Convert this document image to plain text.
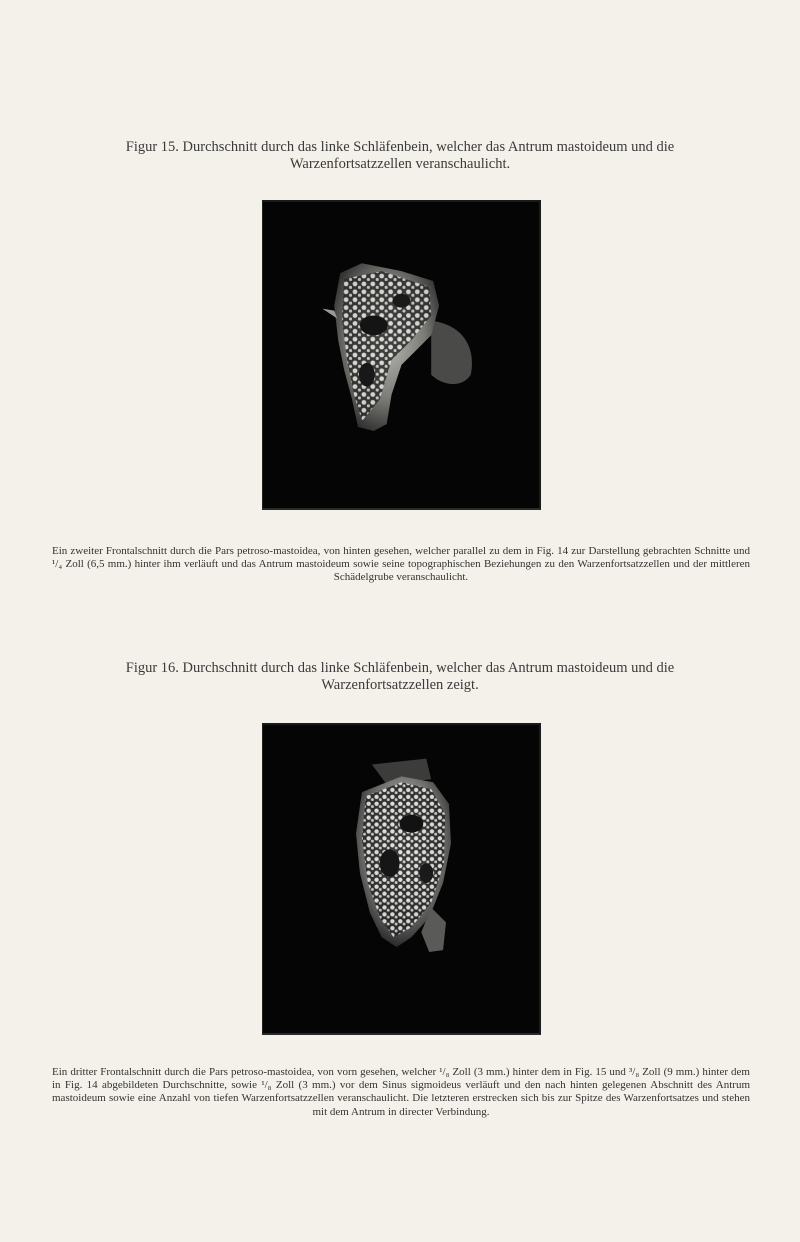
Figur 15. Durchschnitt durch das linke Schläfenbein, welcher das Antrum mastoideum und die
Warzenfortsatzzellen veranschaulicht.
Ein zweiter Frontalschnitt durch die Pars petroso-mastoidea, von hinten gesehen, welcher parallel zu dem in Fig. 14 zur Darstellung gebrachten Schnitte und ¹/₄ Zoll (6,5 mm.) hinter ihm verläuft und das Antrum mastoideum sowie seine topographischen Beziehungen zu den Warzenfortsatzzellen und der mittleren Schädelgrube veranschaulicht.
Figur 16. Durchschnitt durch das linke Schläfenbein, welcher das Antrum mastoideum und die
Warzenfortsatzzellen zeigt.
Ein dritter Frontalschnitt durch die Pars petroso-mastoidea, von vorn gesehen, welcher ¹/₈ Zoll (3 mm.) hinter dem in Fig. 15 und ³/₈ Zoll (9 mm.) hinter dem in Fig. 14 abgebildeten Durchschnitte, sowie ¹/₈ Zoll (3 mm.) vor dem Sinus sigmoideus verläuft und den nach hinten gelegenen Abschnitt des Antrum mastoideum sowie eine Anzahl von tiefen Warzenfortsatzzellen veranschaulicht. Die letzteren erstrecken sich bis zur Spitze des Warzenfortsatzes und stehen mit dem Antrum in directer Verbindung.
